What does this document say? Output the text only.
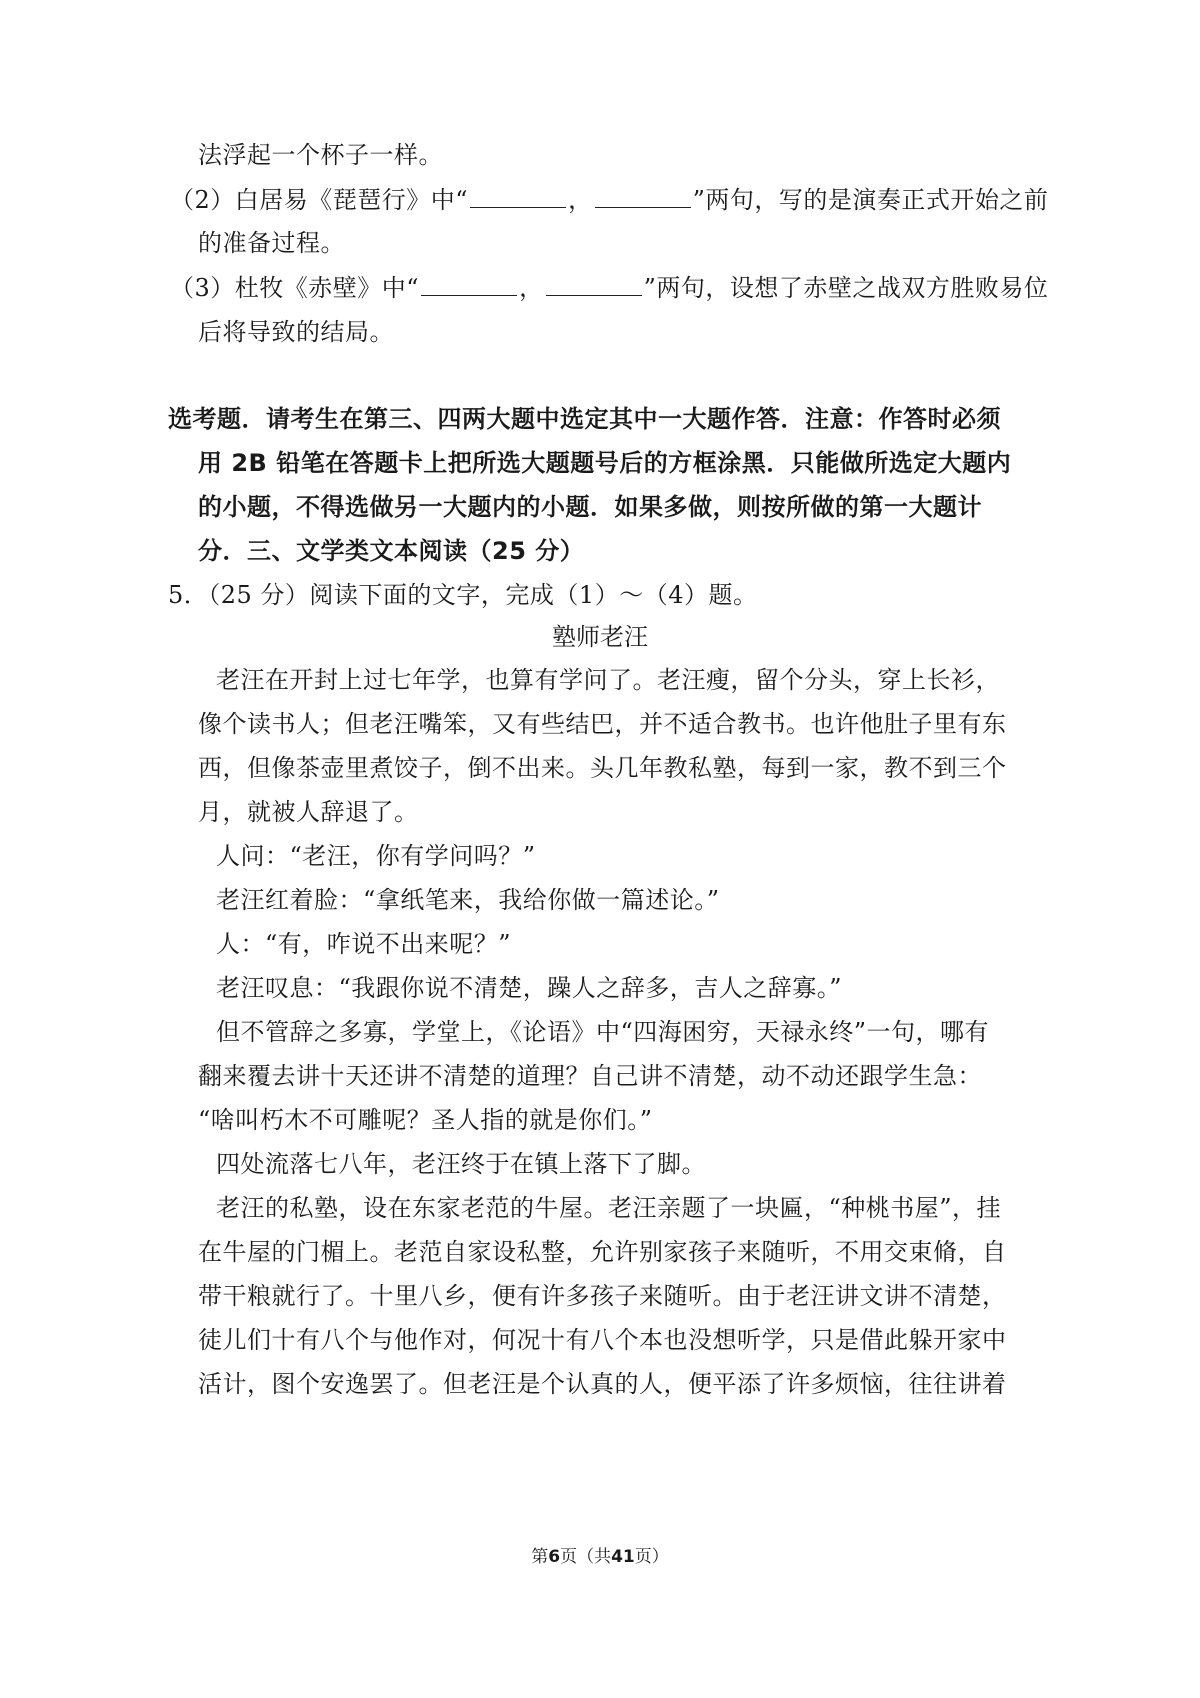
法浮起一个杯子一样。
（2）白居易《琵琶行》中“	，	”两句，写的是演奏正式开始之前
的准备过程。
（3）杜牧《赤壁》中“	，	”两句，设想了赤壁之战双方胜败易位
后将导致的结局。
选考题．请考生在第三、四两大题中选定其中一大题作答．注意：作答时必须
用 2B 铅笔在答题卡上把所选大题题号后的方框涂黑．只能做所选定大题内
的小题，不得选做另一大题内的小题．如果多做，则按所做的第一大题计
分．三、文学类文本阅读（25 分）
5．（25 分）阅读下面的文字，完成（1）～（4）题。
塾师老汪
老汪在开封上过七年学，也算有学问了。老汪瘦，留个分头，穿上长衫，
像个读书人；但老汪嘴笨，又有些结巴，并不适合教书。也许他肚子里有东
西，但像茶壶里煮饺子，倒不出来。头几年教私塾，每到一家，教不到三个
月，就被人辞退了。
人问：“老汪，你有学问吗？”
老汪红着脸：“拿纸笔来，我给你做一篇述论。”
人：“有，咋说不出来呢？”
老汪叹息：“我跟你说不清楚，躁人之辞多，吉人之辞寡。”
但不管辞之多寡，学堂上，《论语》中“四海困穷，天禄永终”一句，哪有
翻来覆去讲十天还讲不清楚的道理？自己讲不清楚，动不动还跟学生急：
“啥叫朽木不可雕呢？圣人指的就是你们。”
四处流落七八年，老汪终于在镇上落下了脚。
老汪的私塾，设在东家老范的牛屋。老汪亲题了一块匾，“种桃书屋”，挂
在牛屋的门楣上。老范自家设私整，允许别家孩子来随听，不用交束脩，自
带干粮就行了。十里八乡，便有许多孩子来随听。由于老汪讲文讲不清楚，
徒儿们十有八个与他作对，何况十有八个本也没想听学，只是借此躲开家中
活计，图个安逸罢了。但老汪是个认真的人，便平添了许多烦恼，往往讲着
第6页（共41页）
